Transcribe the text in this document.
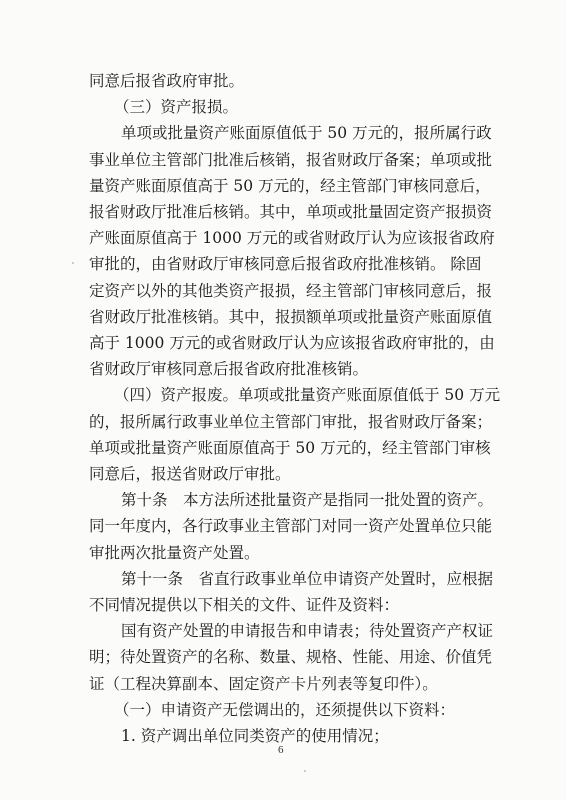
6
同意后报省政府审批。
（三）资产报损。
单项或批量资产账面原值低于 50 万元的，报所属行政
事业单位主管部门批准后核销，报省财政厅备案；单项或批
量资产账面原值高于 50 万元的，经主管部门审核同意后，
报省财政厅批准后核销。其中，单项或批量固定资产报损资
产账面原值高于 1000 万元的或省财政厅认为应该报省政府
审批的，由省财政厅审核同意后报省政府批准核销。 除固
定资产以外的其他类资产报损，经主管部门审核同意后，报
省财政厅批准核销。其中，报损额单项或批量资产账面原值
高于 1000 万元的或省财政厅认为应该报省政府审批的，由
省财政厅审核同意后报省政府批准核销。
（四）资产报废。单项或批量资产账面原值低于 50 万元
的，报所属行政事业单位主管部门审批，报省财政厅备案；
单项或批量资产账面原值高于 50 万元的，经主管部门审核
同意后，报送省财政厅审批。
第十条　本方法所述批量资产是指同一批处置的资产。
同一年度内，各行政事业主管部门对同一资产处置单位只能
审批两次批量资产处置。
第十一条　省直行政事业单位申请资产处置时，应根据
不同情况提供以下相关的文件、证件及资料：
国有资产处置的申请报告和申请表；待处置资产产权证
明；待处置资产的名称、数量、规格、性能、用途、价值凭
证（工程决算副本、固定资产卡片列表等复印件）。
（一）申请资产无偿调出的，还须提供以下资料：
1. 资产调出单位同类资产的使用情况；
